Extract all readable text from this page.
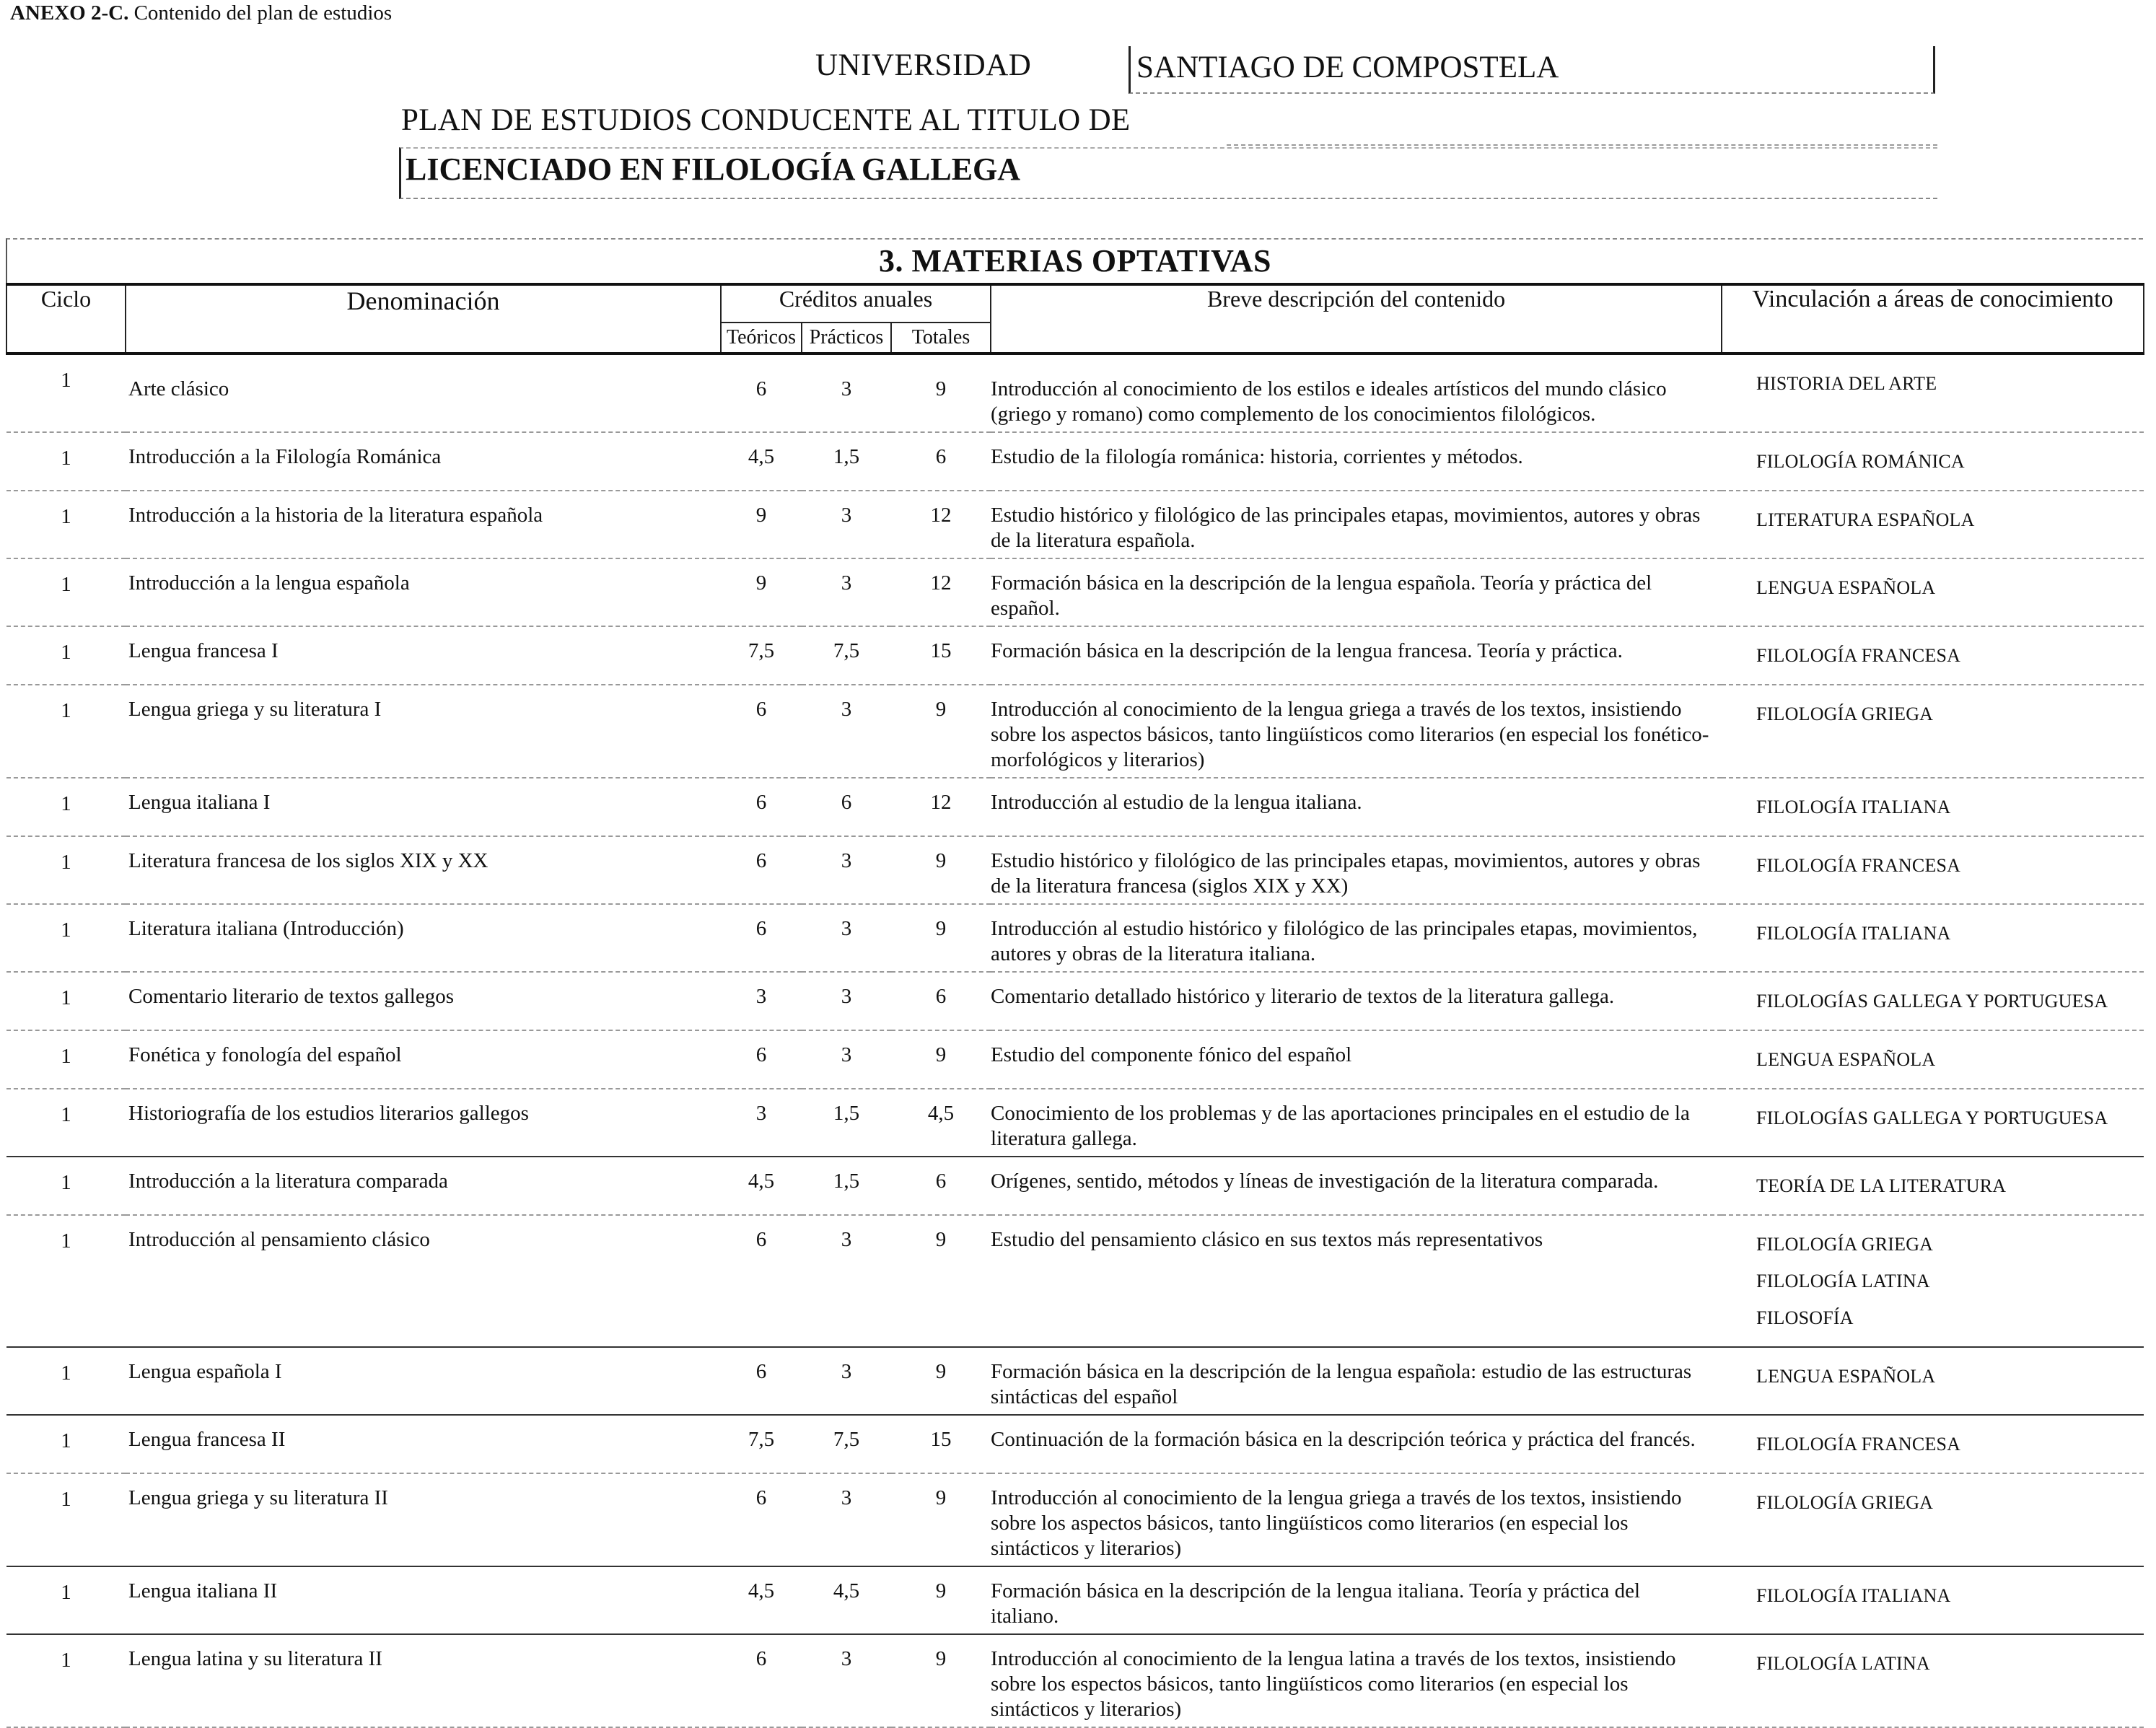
ANEXO 2-C. Contenido del plan de estudios
UNIVERSIDAD	SANTIAGO DE COMPOSTELA
PLAN DE ESTUDIOS CONDUCENTE AL TITULO DE
LICENCIADO EN FILOLOGÍA GALLEGA
3. MATERIAS OPTATIVAS
Ciclo	Denominación	Créditos anuales			Breve descripción del contenido	Vinculación a áreas de conocimiento
		Teóricos	Prácticos	Totales		
1	Arte clásico	6	3	9	Introducción al conocimiento de los estilos e ideales artísticos del mundo clásico (griego y romano) como complemento de los conocimientos filológicos.	HISTORIA DEL ARTE

1	Introducción a la Filología Románica	4,5	1,5	6	Estudio de la filología románica: historia, corrientes y métodos.	FILOLOGÍA ROMÁNICA

1	Introducción a la historia de la literatura española	9	3	12	Estudio histórico y filológico de las principales etapas, movimientos, autores y obras de la literatura española.	LITERATURA ESPAÑOLA

1	Introducción a la lengua española	9	3	12	Formación básica en la descripción de la lengua española. Teoría y práctica del español.	LENGUA ESPAÑOLA

1	Lengua francesa I	7,5	7,5	15	Formación básica en la descripción de la lengua francesa. Teoría y práctica.	FILOLOGÍA FRANCESA

1	Lengua griega y su literatura I	6	3	9	Introducción al conocimiento de la lengua griega a través de los textos, insistiendo sobre los aspectos básicos, tanto lingüísticos como literarios (en especial los fonético-morfológicos y literarios)	FILOLOGÍA GRIEGA

1	Lengua italiana I	6	6	12	Introducción al estudio de la lengua italiana.	FILOLOGÍA ITALIANA

1	Literatura francesa de los siglos XIX y XX	6	3	9	Estudio histórico y filológico de las principales etapas, movimientos, autores y obras de la literatura francesa (siglos XIX y XX)	FILOLOGÍA FRANCESA

1	Literatura italiana (Introducción)	6	3	9	Introducción al estudio histórico y filológico de las principales etapas, movimientos, autores y obras de la literatura italiana.	FILOLOGÍA ITALIANA

1	Comentario literario de textos gallegos	3	3	6	Comentario detallado histórico y literario de textos de la literatura gallega.	FILOLOGÍAS GALLEGA Y PORTUGUESA

1	Fonética y fonología del español	6	3	9	Estudio del componente fónico del español	LENGUA ESPAÑOLA

1	Historiografía de los estudios literarios gallegos	3	1,5	4,5	Conocimiento de los problemas y de las aportaciones principales en el estudio de la literatura gallega.	FILOLOGÍAS GALLEGA Y PORTUGUESA

1	Introducción a la literatura comparada	4,5	1,5	6	Orígenes, sentido, métodos y líneas de investigación de la literatura comparada.	TEORÍA DE LA LITERATURA

1	Introducción al pensamiento clásico	6	3	9	Estudio del pensamiento clásico en sus textos más representativos	FILOLOGÍA GRIEGA
FILOLOGÍA LATINA
FILOSOFÍA

1	Lengua española I	6	3	9	Formación básica en la descripción de la lengua española: estudio de las estructuras sintácticas del español	LENGUA ESPAÑOLA

1	Lengua francesa II	7,5	7,5	15	Continuación de la formación básica en la descripción teórica y práctica del francés.	FILOLOGÍA FRANCESA

1	Lengua griega y su literatura II	6	3	9	Introducción al conocimiento de la lengua griega a través de los textos, insistiendo sobre los aspectos básicos, tanto lingüísticos como literarios (en especial los sintácticos y literarios)	FILOLOGÍA GRIEGA

1	Lengua italiana II	4,5	4,5	9	Formación básica en la descripción de la lengua italiana. Teoría y práctica del italiano.	FILOLOGÍA ITALIANA

1	Lengua latina y su literatura II	6	3	9	Introducción al conocimiento de la lengua latina a través de los textos, insistiendo sobre los espectos básicos, tanto lingüísticos como literarios (en especial los sintácticos y literarios)	FILOLOGÍA LATINA
